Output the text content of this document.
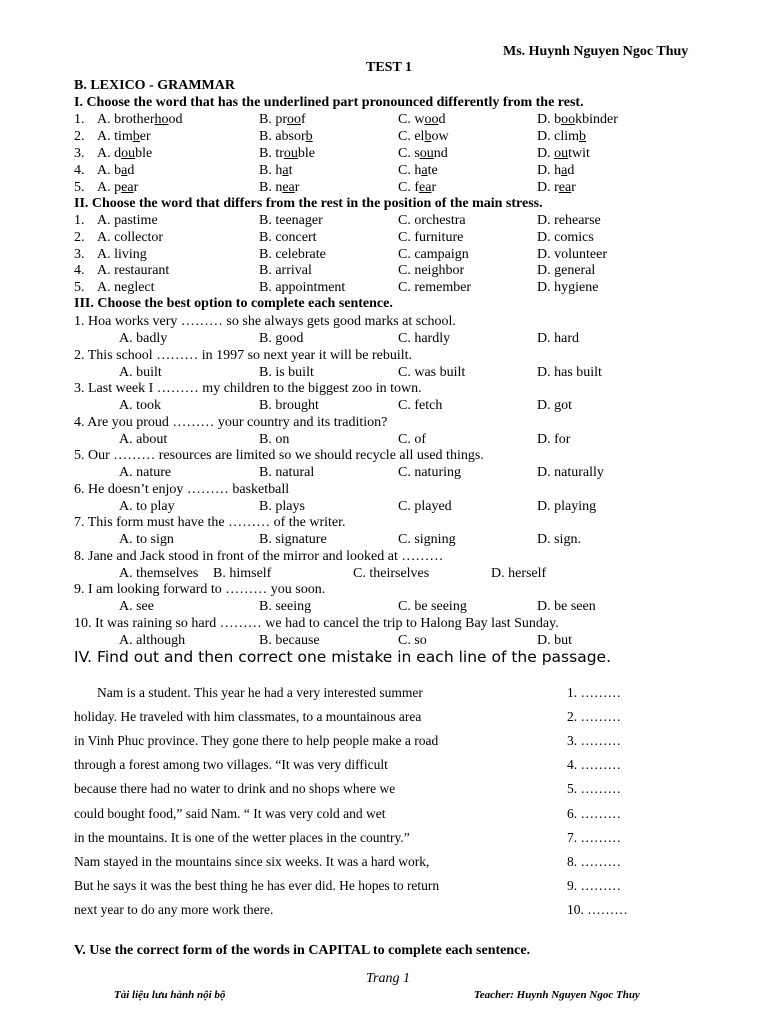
Ms. Huynh Nguyen Ngoc Thuy
TEST 1
B. LEXICO - GRAMMAR
I. Choose the word that has the underlined part pronounced differently from the rest.
1. A. brotherhood	B. proof	C. wood	D. bookbinder
2. A. timber	B. absorb	C. elbow	D. climb
3. A. double	B. trouble	C. sound	D. outwit
4. A. bad	B. hat	C. hate	D. had
5. A. pear	B. near	C. fear	D. rear
II. Choose the word that differs from the rest in the position of the main stress.
1. A. pastime	B. teenager	C. orchestra	D. rehearse
2. A. collector	B. concert	C. furniture	D. comics
3. A. living	B. celebrate	C. campaign	D. volunteer
4. A. restaurant	B. arrival	C. neighbor	D. general
5. A. neglect	B. appointment	C. remember	D. hygiene
III. Choose the best option to complete each sentence.
1. Hoa works very ……… so she always gets good marks at school.
A. badly	B. good	C. hardly	D. hard
2. This school ……… in 1997 so next year it will be rebuilt.
A. built	B. is built	C. was built	D. has built
3. Last week I ……… my children to the biggest zoo in town.
A. took	B. brought	C. fetch	D. got
4. Are you proud ……… your country and its tradition?
A. about	B. on	C. of	D. for
5. Our ……… resources are limited so we should recycle all used things.
A. nature	B. natural	C. naturing	D. naturally
6. He doesn’t enjoy ……… basketball
A. to play	B. plays	C. played	D. playing
7. This form must have the ……… of the writer.
A. to sign	B. signature	C. signing	D. sign.
8. Jane and Jack stood in front of the mirror and looked at ………
A. themselves B. himself	C. theirselves	D. herself
9. I am looking forward to ……… you soon.
A. see	B. seeing	C. be seeing	D. be seen
10. It was raining so hard ……… we had to cancel the trip to Halong Bay last Sunday.
A. although	B. because	C. so	D. but
IV. Find out and then correct one mistake in each line of the passage.
Nam is a student. This year he had a very interested summer	1. ………
holiday. He traveled with him classmates, to a mountainous area	2. ………
in Vinh Phuc province. They gone there to help people make a road	3. ………
through a forest among two villages. “It was very difficult	4. ………
because there had no water to drink and no shops where we	5. ………
could bought food,” said Nam. “ It was very cold and wet	6. ………
in the mountains. It is one of the wetter places in the country.”	7. ………
Nam stayed in the mountains since six weeks. It was a hard work,	8. ………
But he says it was the best thing he has ever did. He hopes to return	9. ………
next year to do any more work there.	10. ………
V. Use the correct form of the words in CAPITAL to complete each sentence.
Trang 1
Tài liệu lưu hành nội bộ	Teacher: Huynh Nguyen Ngoc Thuy
